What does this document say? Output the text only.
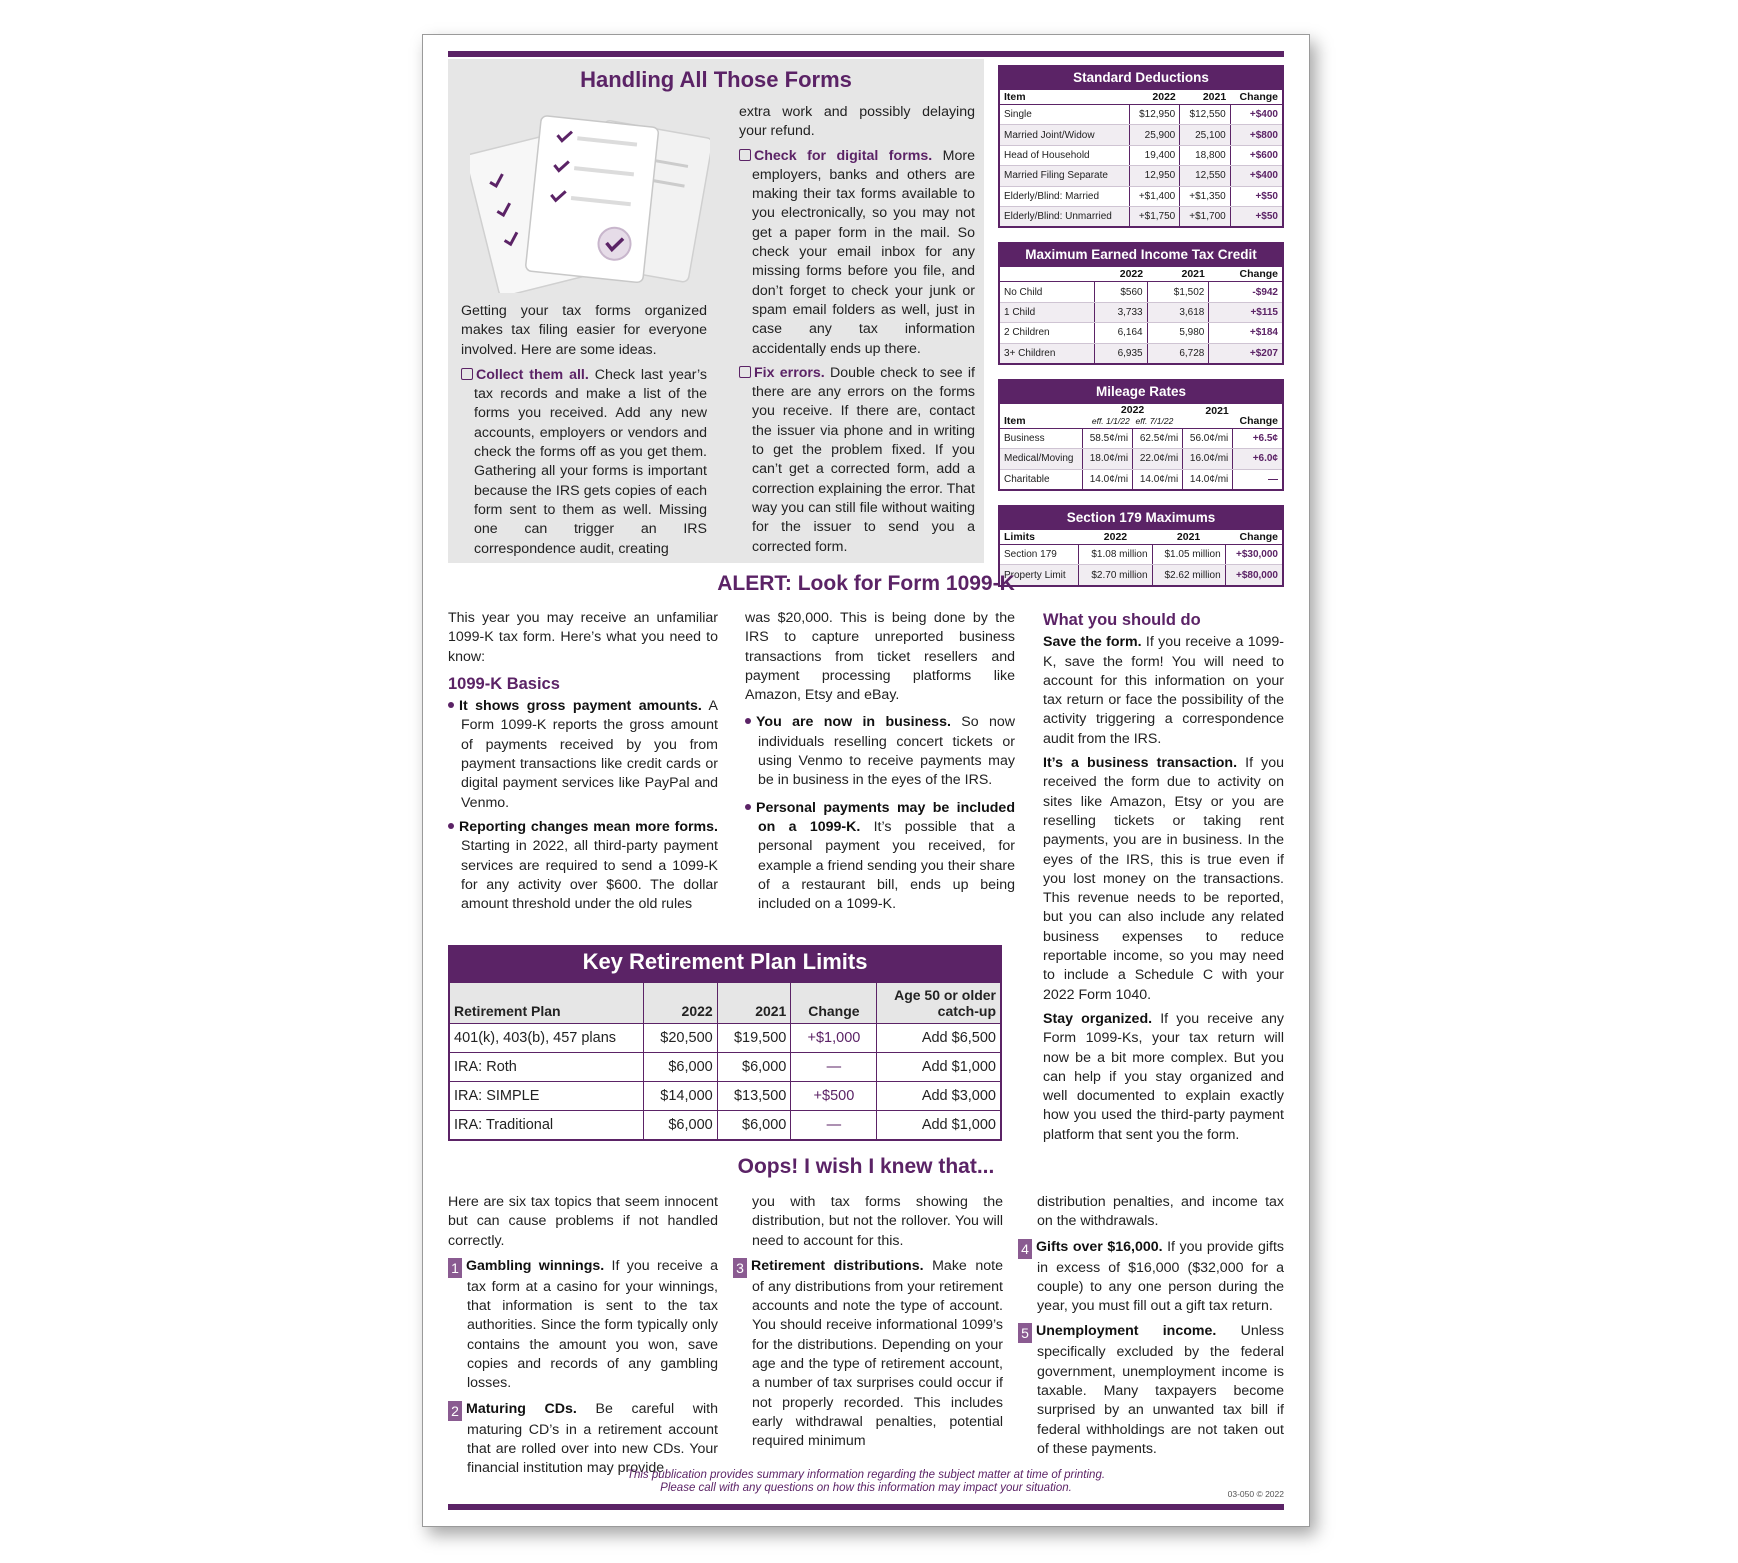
Handling All Those Forms

Getting your tax forms organized makes tax filing easier for everyone involved. Here are some ideas.

Collect them all. Check last year’s tax records and make a list of the forms you received. Add any new accounts, employers or vendors and check the forms off as you get them. Gathering all your forms is important because the IRS gets copies of each form sent to them as well. Missing one can trigger an IRS correspondence audit, creating

extra work and possibly delaying your refund.

Check for digital forms. More employers, banks and others are making their tax forms available to you electronically, so you may not get a paper form in the mail. So check your email inbox for any missing forms before you file, and don’t forget to check your junk or spam email folders as well, just in case any tax information accidentally ends up there.

Fix errors. Double check to see if there are any errors on the forms you receive. If there are, contact the issuer via phone and in writing to get the problem fixed. If you can’t get a corrected form, add a correction explaining the error. That way you can still file without waiting for the issuer to send you a corrected form.

Standard Deductions
Item	2022	2021	Change
Single	$12,950	$12,550	+$400
Married Joint/Widow	25,900	25,100	+$800
Head of Household	19,400	18,800	+$600
Married Filing Separate	12,950	12,550	+$400
Elderly/Blind: Married	+$1,400	+$1,350	+$50
Elderly/Blind: Unmarried	+$1,750	+$1,700	+$50
Maximum Earned Income Tax Credit
	2022	2021	Change
No Child	$560	$1,502	-$942
1 Child	3,733	3,618	+$115
2 Children	6,164	5,980	+$184
3+ Children	6,935	6,728	+$207
Mileage Rates
Item	2022
eff. 1/1/22 eff. 7/1/22		2021	Change
Business	58.5¢/mi	62.5¢/mi	56.0¢/mi	+6.5¢
Medical/Moving	18.0¢/mi	22.0¢/mi	16.0¢/mi	+6.0¢
Charitable	14.0¢/mi	14.0¢/mi	14.0¢/mi	—
Section 179 Maximums
Limits	2022	2021	Change
Section 179	$1.08 million	$1.05 million	+$30,000
Property Limit	$2.70 million	$2.62 million	+$80,000
ALERT: Look for Form 1099-K

This year you may receive an unfamiliar 1099-K tax form. Here’s what you need to know:

1099-K Basics

It shows gross payment amounts. A Form 1099-K reports the gross amount of payments received by you from payment transactions like credit cards or digital payment services like PayPal and Venmo.

Reporting changes mean more forms. Starting in 2022, all third-party payment services are required to send a 1099-K for any activity over $600. The dollar amount threshold under the old rules

was $20,000. This is being done by the IRS to capture unreported business transactions from ticket resellers and payment processing platforms like Amazon, Etsy and eBay.

You are now in business. So now individuals reselling concert tickets or using Venmo to receive payments may be in business in the eyes of the IRS.

Personal payments may be included on a 1099-K. It’s possible that a personal payment you received, for example a friend sending you their share of a restaurant bill, ends up being included on a 1099-K.

What you should do

Save the form. If you receive a 1099-K, save the form! You will need to account for this information on your tax return or face the possibility of the activity triggering a correspondence audit from the IRS.

It’s a business transaction. If you received the form due to activity on sites like Amazon, Etsy or you are reselling tickets or taking rent payments, you are in business. In the eyes of the IRS, this is true even if you lost money on the transactions. This revenue needs to be reported, but you can also include any related business expenses to reduce reportable income, so you may need to include a Schedule C with your 2022 Form 1040.

Stay organized. If you receive any Form 1099-Ks, your tax return will now be a bit more complex. But you can help if you stay organized and well documented to explain exactly how you used the third-party payment platform that sent you the form.

Key Retirement Plan Limits
Retirement Plan	2022	2021	Change	Age 50 or older catch-up
401(k), 403(b), 457 plans	$20,500	$19,500	+$1,000	Add $6,500
IRA: Roth	$6,000	$6,000	—	Add $1,000
IRA: SIMPLE	$14,000	$13,500	+$500	Add $3,000
IRA: Traditional	$6,000	$6,000	—	Add $1,000
Oops! I wish I knew that...

Here are six tax topics that seem innocent but can cause problems if not handled correctly.

1 Gambling winnings. If you receive a tax form at a casino for your winnings, that information is sent to the tax authorities. Since the form typically only contains the amount you won, save copies and records of any gambling losses.

2 Maturing CDs. Be careful with maturing CD’s in a retirement account that are rolled over into new CDs. Your financial institution may provide

you with tax forms showing the distribution, but not the rollover. You will need to account for this.

3 Retirement distributions. Make note of any distributions from your retirement accounts and note the type of account. You should receive informational 1099’s for the distributions. Depending on your age and the type of retirement account, a number of tax surprises could occur if not properly recorded. This includes early withdrawal penalties, potential required minimum

distribution penalties, and income tax on the withdrawals.

4 Gifts over $16,000. If you provide gifts in excess of $16,000 ($32,000 for a couple) to any one person during the year, you must fill out a gift tax return.

5 Unemployment income. Unless specifically excluded by the federal government, unemployment income is taxable. Many taxpayers become surprised by an unwanted tax bill if federal withholdings are not taken out of these payments.

This publication provides summary information regarding the subject matter at time of printing.
Please call with any questions on how this information may impact your situation.	03-050 © 2022
